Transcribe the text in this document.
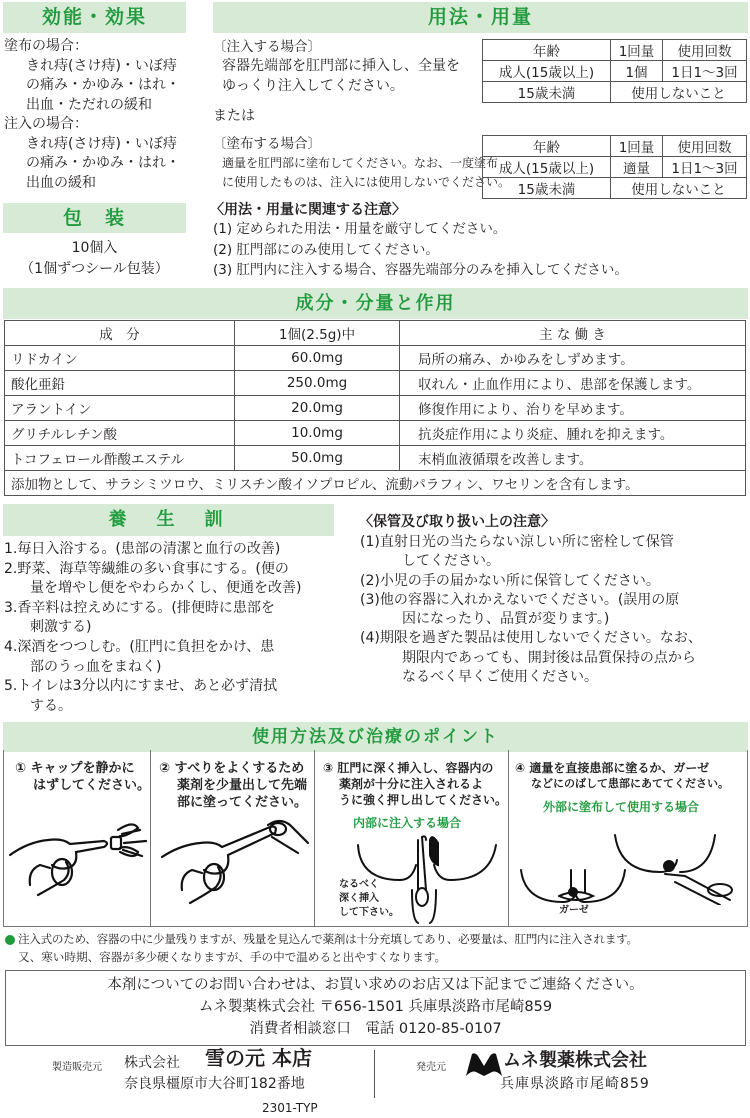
効能・効果
塗布の場合：
きれ痔(さけ痔)・いぼ痔
の痛み・かゆみ・はれ・
出血・ただれの緩和
注入の場合：
きれ痔(さけ痔)・いぼ痔
の痛み・かゆみ・はれ・
出血の緩和
包　装
10個入
（1個ずつシール包装）
用法・用量
〔注入する場合〕
容器先端部を肛門部に挿入し、全量を
ゆっくり注入してください。
または
〔塗布する場合〕
適量を肛門部に塗布してください。なお、一度塗布
に使用したものは、注入には使用しないでください。
年齢	1回量	使用回数
成人(15歳以上)	1個	1日1〜3回
15歳未満	使用しないこと	
年齢	1回量	使用回数
成人(15歳以上)	適量	1日1〜3回
15歳未満	使用しないこと	
〈用法・用量に関連する注意〉
(1) 定められた用法・用量を厳守してください。
(2) 肛門部にのみ使用してください。
(3) 肛門内に注入する場合、容器先端部分のみを挿入してください。
成分・分量と作用
成　分	1個(2.5g)中	主 な 働 き
リドカイン	60.0mg	局所の痛み、かゆみをしずめます。
酸化亜鉛	250.0mg	収れん・止血作用により、患部を保護します。
アラントイン	20.0mg	修復作用により、治りを早めます。
グリチルレチン酸	10.0mg	抗炎症作用により炎症、腫れを抑えます。
トコフェロール酢酸エステル	50.0mg	末梢血液循環を改善します。
添加物として、サラシミツロウ、ミリスチン酸イソプロピル、流動パラフィン、ワセリンを含有します。		
養　生　訓
1.毎日入浴する。(患部の清潔と血行の改善)
2.野菜、海草等繊維の多い食事にする。(便の
量を増やし便をやわらかくし、便通を改善)
3.香辛料は控えめにする。(排便時に患部を
刺激する)
4.深酒をつつしむ。(肛門に負担をかけ、患
部のうっ血をまねく)
5.トイレは3分以内にすませ、あと必ず清拭
する。
〈保管及び取り扱い上の注意〉
(1)直射日光の当たらない涼しい所に密栓して保管
してください。
(2)小児の手の届かない所に保管してください。
(3)他の容器に入れかえないでください。(誤用の原
因になったり、品質が変ります。)
(4)期限を過ぎた製品は使用しないでください。なお、
期限内であっても、開封後は品質保持の点から
なるべく早くご使用ください。
使用方法及び治療のポイント
① キャップを静かに
はずしてください。
② すべりをよくするため
薬剤を少量出して先端
部に塗ってください。
③ 肛門に深く挿入し、容器内の
薬剤が十分に注入されるよ
うに強く押し出してください。
内部に注入する場合
なるべく
深く挿入
して下さい。
④ 適量を直接患部に塗るか、ガーゼ
などにのばして患部にあててください。
外部に塗布して使用する場合
ガーゼ
注入式のため、容器の中に少量残りますが、残量を見込んで薬剤は十分充填してあり、必要量は、肛門内に注入されます。
又、寒い時期、容器が多少硬くなりますが、手の中で温めると出やすくなります。
本剤についてのお問い合わせは、お買い求めのお店又は下記までご連絡ください。
ムネ製薬株式会社 〒656-1501 兵庫県淡路市尾崎859
消費者相談窓口　電話 0120-85-0107
製造販売元 株式会社 雪の元 本店
奈良県橿原市大谷町182番地
発売元	ムネ製薬株式会社
兵庫県淡路市尾崎859
2301-TYP
